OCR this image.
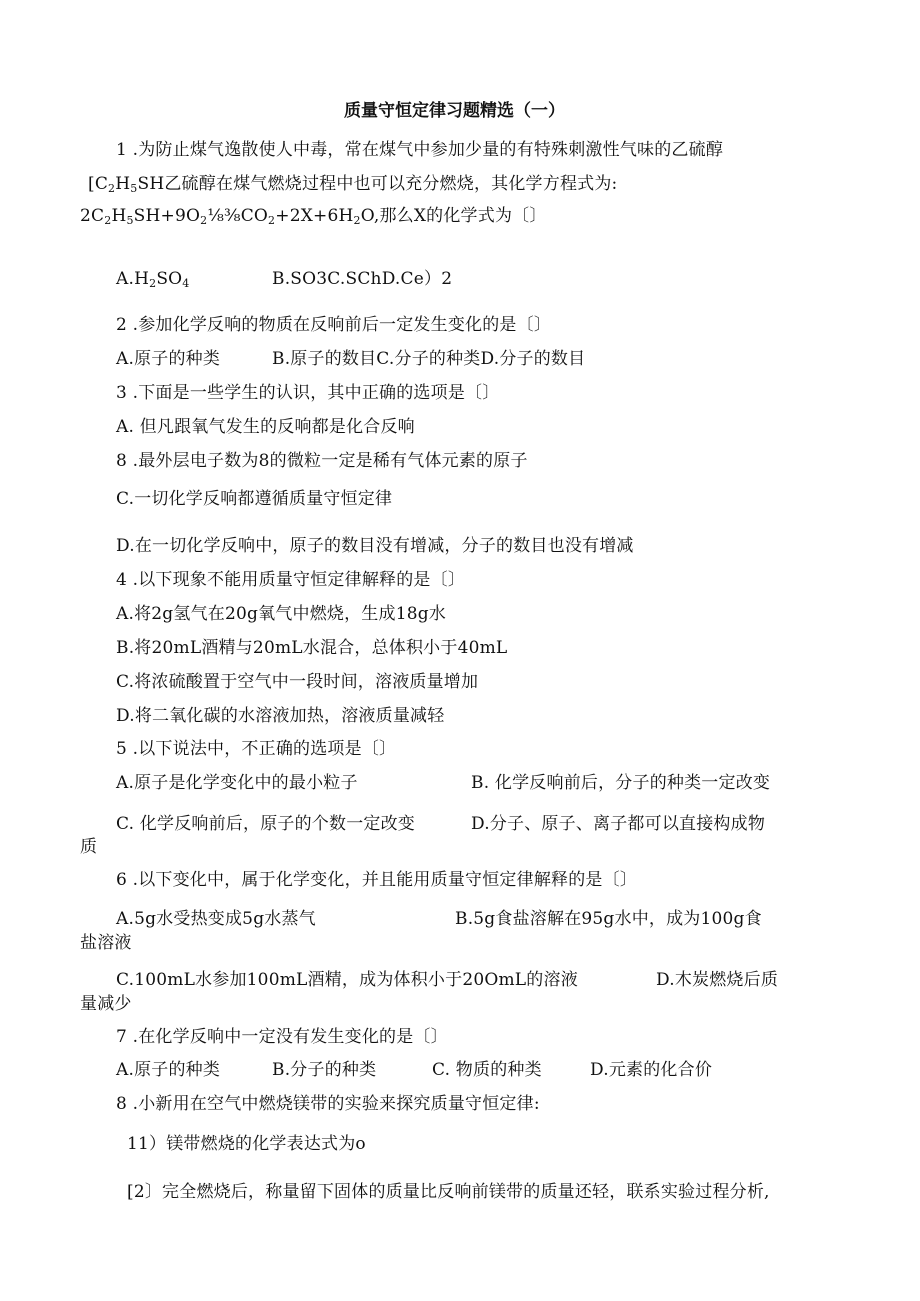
质量守恒定律习题精选（一）
1 .为防止煤气逸散使人中毒，常在煤气中参加少量的有特殊刺激性气味的乙硫醇
[$C_2H_5SH$乙硫醇在煤气燃烧过程中也可以充分燃烧，其化学方程式为:
$2C_2H_5SH+9O_2\frac{1}{8}\frac{3}{8}CO_2+2X+6H_2O$,那么X的化学式为〔〕
$A.H_2SO_4$	B.SO3C.SChD.Ce）2
2 .参加化学反响的物质在反响前后一定发生变化的是〔〕
A.原子的种类	B.原子的数目C.分子的种类D.分子的数目
3 .下面是一些学生的认识，其中正确的选项是〔〕
A. 但凡跟氧气发生的反响都是化合反响
8 .最外层电子数为8的微粒一定是稀有气体元素的原子
C.一切化学反响都遵循质量守恒定律
D.在一切化学反响中，原子的数目没有增减，分子的数目也没有增减
4 .以下现象不能用质量守恒定律解释的是〔〕
A.将2g氢气在20g氧气中燃烧，生成18g水
B.将20mL酒精与20mL水混合，总体积小于40mL
C.将浓硫酸置于空气中一段时间，溶液质量增加
D.将二氧化碳的水溶液加热，溶液质量减轻
5 .以下说法中，不正确的选项是〔〕
A.原子是化学变化中的最小粒子	B. 化学反响前后，分子的种类一定改变
C. 化学反响前后，原子的个数一定改变	D.分子、原子、离子都可以直接构成物
质
6 .以下变化中，属于化学变化，并且能用质量守恒定律解释的是〔〕
A.5g水受热变成5g水蒸气	B.5g食盐溶解在95g水中，成为100g食
盐溶液
C.100mL水参加100mL酒精，成为体积小于20OmL的溶液	D.木炭燃烧后质
量减少
7 .在化学反响中一定没有发生变化的是〔〕
A.原子的种类	B.分子的种类	C. 物质的种类	D.元素的化合价
8 .小新用在空气中燃烧镁带的实验来探究质量守恒定律:
11）镁带燃烧的化学表达式为o
[2〕完全燃烧后，称量留下固体的质量比反响前镁带的质量还轻，联系实验过程分析,
